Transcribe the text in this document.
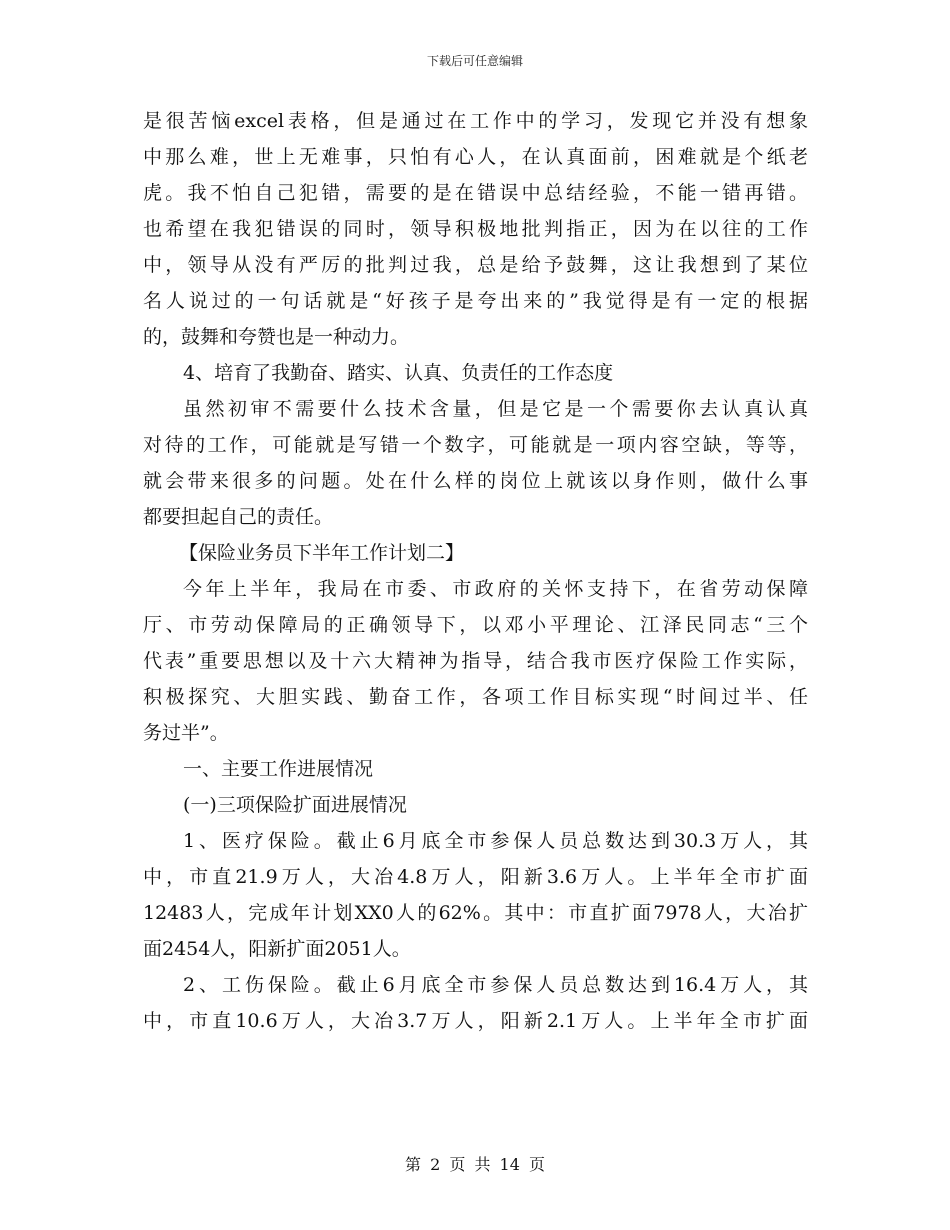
下载后可任意编辑
是很苦恼excel表格，但是通过在工作中的学习，发现它并没有想象
中那么难，世上无难事，只怕有心人，在认真面前，困难就是个纸老
虎。我不怕自己犯错，需要的是在错误中总结经验，不能一错再错。
也希望在我犯错误的同时，领导积极地批判指正，因为在以往的工作
中，领导从没有严厉的批判过我，总是给予鼓舞，这让我想到了某位
名人说过的一句话就是“好孩子是夸出来的”我觉得是有一定的根据
的，鼓舞和夸赞也是一种动力。
4、培育了我勤奋、踏实、认真、负责任的工作态度
虽然初审不需要什么技术含量，但是它是一个需要你去认真认真
对待的工作，可能就是写错一个数字，可能就是一项内容空缺，等等，
就会带来很多的问题。处在什么样的岗位上就该以身作则，做什么事
都要担起自己的责任。
【保险业务员下半年工作计划二】
今年上半年，我局在市委、市政府的关怀支持下，在省劳动保障
厅、市劳动保障局的正确领导下，以邓小平理论、江泽民同志“三个
代表”重要思想以及十六大精神为指导，结合我市医疗保险工作实际，
积极探究、大胆实践、勤奋工作，各项工作目标实现“时间过半、任
务过半”。
一、主要工作进展情况
(一)三项保险扩面进展情况
1、医疗保险。截止6月底全市参保人员总数达到30.3万人，其
中，市直21.9万人，大冶4.8万人，阳新3.6万人。上半年全市扩面
12483人，完成年计划XX0人的62%。其中：市直扩面7978人，大冶扩
面2454人，阳新扩面2051人。
2、工伤保险。截止6月底全市参保人员总数达到16.4万人，其
中，市直10.6万人，大冶3.7万人，阳新2.1万人。上半年全市扩面
第 2 页 共 14 页
